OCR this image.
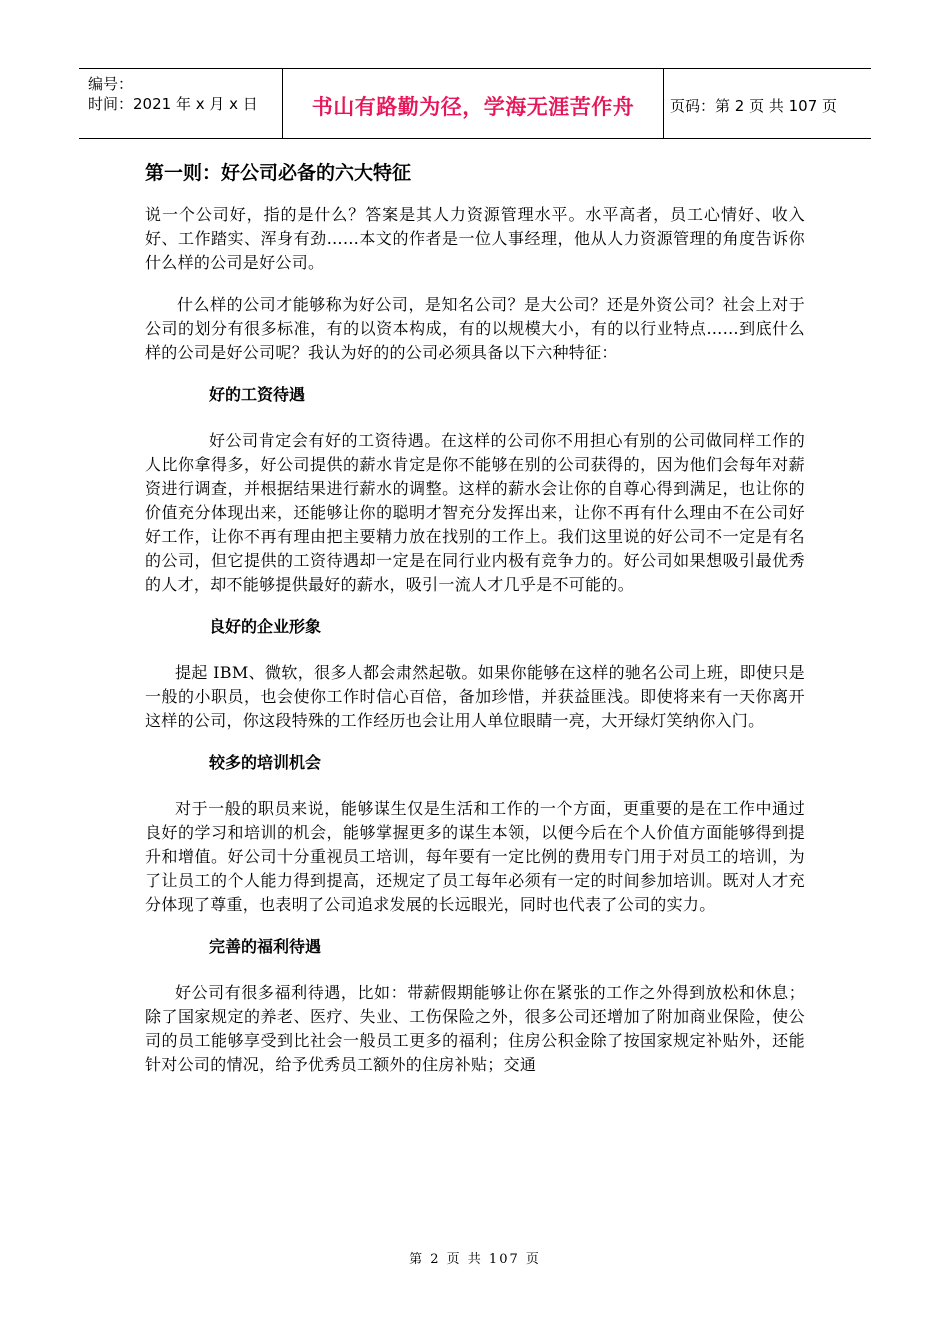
编号：
时间：2021 年 x 月 x 日	书山有路勤为径，学海无涯苦作舟	页码：第 2 页 共 107 页
第一则：好公司必备的六大特征

说一个公司好，指的是什么？答案是其人力资源管理水平。水平高者，员工心情好、收入好、工作踏实、浑身有劲……本文的作者是一位人事经理，他从人力资源管理的角度告诉你什么样的公司是好公司。

什么样的公司才能够称为好公司，是知名公司？是大公司？还是外资公司？社会上对于公司的划分有很多标准，有的以资本构成，有的以规模大小，有的以行业特点……到底什么样的公司是好公司呢？我认为好的的公司必须具备以下六种特征：

好的工资待遇

好公司肯定会有好的工资待遇。在这样的公司你不用担心有别的公司做同样工作的人比你拿得多，好公司提供的薪水肯定是你不能够在别的公司获得的，因为他们会每年对薪资进行调查，并根据结果进行薪水的调整。这样的薪水会让你的自尊心得到满足，也让你的价值充分体现出来，还能够让你的聪明才智充分发挥出来，让你不再有什么理由不在公司好好工作，让你不再有理由把主要精力放在找别的工作上。我们这里说的好公司不一定是有名的公司，但它提供的工资待遇却一定是在同行业内极有竞争力的。好公司如果想吸引最优秀的人才，却不能够提供最好的薪水，吸引一流人才几乎是不可能的。

良好的企业形象

提起 IBM、微软，很多人都会肃然起敬。如果你能够在这样的驰名公司上班，即使只是一般的小职员，也会使你工作时信心百倍，备加珍惜，并获益匪浅。即使将来有一天你离开这样的公司，你这段特殊的工作经历也会让用人单位眼睛一亮，大开绿灯笑纳你入门。

较多的培训机会

对于一般的职员来说，能够谋生仅是生活和工作的一个方面，更重要的是在工作中通过良好的学习和培训的机会，能够掌握更多的谋生本领，以便今后在个人价值方面能够得到提升和增值。好公司十分重视员工培训，每年要有一定比例的费用专门用于对员工的培训，为了让员工的个人能力得到提高，还规定了员工每年必须有一定的时间参加培训。既对人才充分体现了尊重，也表明了公司追求发展的长远眼光，同时也代表了公司的实力。

完善的福利待遇

好公司有很多福利待遇，比如：带薪假期能够让你在紧张的工作之外得到放松和休息；除了国家规定的养老、医疗、失业、工伤保险之外，很多公司还增加了附加商业保险，使公司的员工能够享受到比社会一般员工更多的福利；住房公积金除了按国家规定补贴外，还能针对公司的情况，给予优秀员工额外的住房补贴；交通

第 2 页 共 107 页
